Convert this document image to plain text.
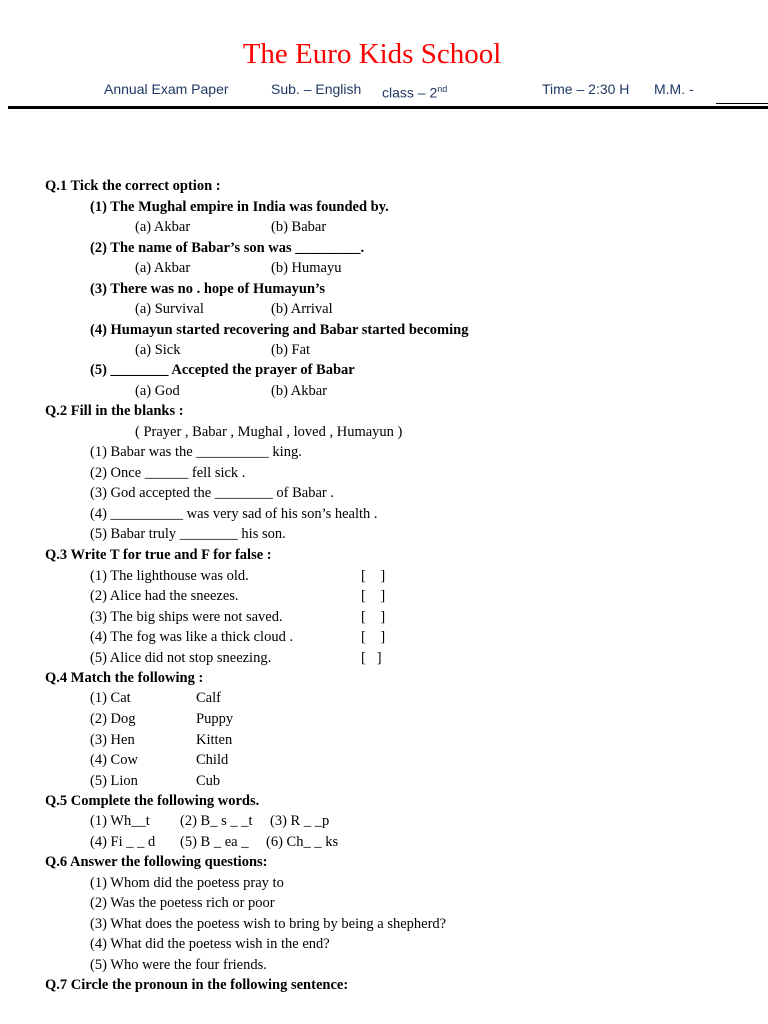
The Euro Kids School
Annual Exam Paper	Sub. – English class – 2nd	Time – 2:30 H M.M. -
Q.1 Tick the correct option :
(1) The Mughal empire in India was founded by.
(a) Akbar	(b) Babar
(2) The name of Babar’s son was _________.
(a) Akbar	(b) Humayu
(3) There was no . hope of Humayun’s
(a) Survival	(b) Arrival
(4) Humayun started recovering and Babar started becoming
(a) Sick	(b) Fat
(5) ________ Accepted the prayer of Babar
(a) God	(b) Akbar
Q.2 Fill in the blanks :
( Prayer , Babar , Mughal , loved , Humayun )
(1) Babar was the __________ king.
(2) Once ______ fell sick .
(3) God accepted the ________ of Babar .
(4) __________ was very sad of his son’s health .
(5) Babar truly ________ his son.
Q.3 Write T for true and F for false :
(1) The lighthouse was old.	[    ]
(2) Alice had the sneezes.	[    ]
(3) The big ships were not saved.	[    ]
(4) The fog was like a thick cloud .	[    ]
(5) Alice did not stop sneezing.	[   ]
Q.4 Match the following :
(1) Cat	Calf
(2) Dog	Puppy
(3) Hen	Kitten
(4) Cow	Child
(5) Lion	Cub
Q.5 Complete the following words.
(1) Wh__t (2) B_ s _ _t (3) R _ _p
(4) Fi _ _ d (5) B _ ea _ (6) Ch_ _ ks
Q.6 Answer the following questions:
(1) Whom did the poetess pray to
(2) Was the poetess rich or poor
(3) What does the poetess wish to bring by being a shepherd?
(4) What did the poetess wish in the end?
(5) Who were the four friends.
Q.7 Circle the pronoun in the following sentence:
